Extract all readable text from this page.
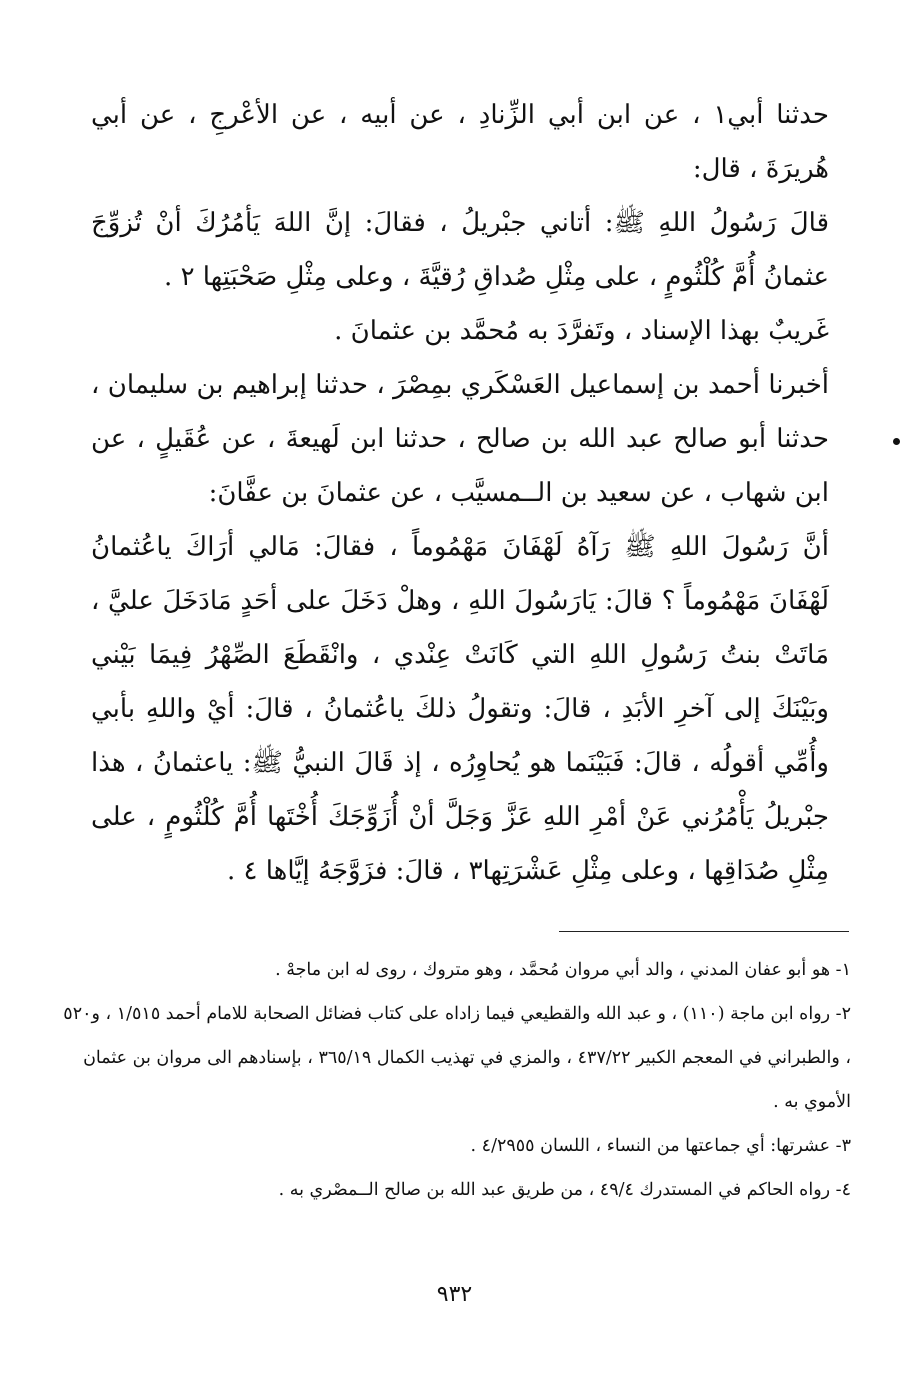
حدثنا أبي١ ، عن ابن أبي الزِّنادِ ، عن أبيه ، عن الأعْرجِ ، عن أبي هُريرَةَ ، قال:

قالَ رَسُولُ اللهِ ﷺ: أتاني جبْريلُ ، فقالَ: إنَّ اللهَ يَأمُرُكَ أنْ تُزوِّجَ عثمانُ أُمَّ كُلْثُومٍ ، على مِثْلِ صُداقِ رُقيَّةَ ، وعلى مِثْلِ صَحْبَتِها ٢ .

غَريبٌ بهذا الإسناد ، وتَفرَّدَ به مُحمَّد بن عثمانَ .

أخبرنا أحمد بن إسماعيل العَسْكَري بمِصْرَ ، حدثنا إبراهيم بن سليمان ، حدثنا أبو صالح عبد الله بن صالح ، حدثنا ابن لَهيعةَ ، عن عُقَيلٍ ، عن ابن شهاب ، عن سعيد بن الــمسيَّب ، عن عثمانَ بن عفَّانَ:

أنَّ رَسُولَ اللهِ ﷺ رَآهُ لَهْفَانَ مَهْمُوماً ، فقالَ: مَالي أرَاكَ ياعُثمانُ لَهْفَانَ مَهْمُوماً ؟ قالَ: يَارَسُولَ اللهِ ، وهلْ دَخَلَ على أحَدٍ مَادَخَلَ عليَّ ، مَاتَتْ بنتُ رَسُولِ اللهِ التي كَانَتْ عِنْدي ، وانْقَطَعَ الصِّهْرُ فِيمَا بَيْني وبَيْنَكَ إلى آخرِ الأبَدِ ، قالَ: وتقولُ ذلكَ ياعُثمانُ ، قالَ: أيْ واللهِ بأبي وأُمِّي أقولُه ، قالَ: فَبَيْنَما هو يُحاوِرُه ، إذ قَالَ النبيُّ ﷺ: ياعثمانُ ، هذا جبْريلُ يَأْمُرُني عَنْ أمْرِ اللهِ عَزَّ وَجَلَّ أنْ أُزَوِّجَكَ أُخْتَها أُمَّ كُلْثُومٍ ، على مِثْلِ صُدَاقِها ، وعلى مِثْلِ عَشْرَتِها٣ ، قالَ: فزَوَّجَهُ إيَّاها ٤ .

١- هو أبو عفان المدني ، والد أبي مروان مُحمَّد ، وهو متروك ، روى له ابن ماجهْ .

٢- رواه ابن ماجة (١١٠) ، و عبد الله والقطيعي فيما زاداه على كتاب فضائل الصحابة للامام أحمد ١/٥١٥ ، و٥٢٠ ، والطبراني في المعجم الكبير ٤٣٧/٢٢ ، والمزي في تهذيب الكمال ٣٦٥/١٩ ، بإسنادهم الى مروان بن عثمان الأموي به .

٣- عشرتها: أي جماعتها من النساء ، اللسان ٤/٢٩٥٥ .

٤- رواه الحاكم في المستدرك ٤٩/٤ ، من طريق عبد الله بن صالح الــمصْري به .

٩٣٢
